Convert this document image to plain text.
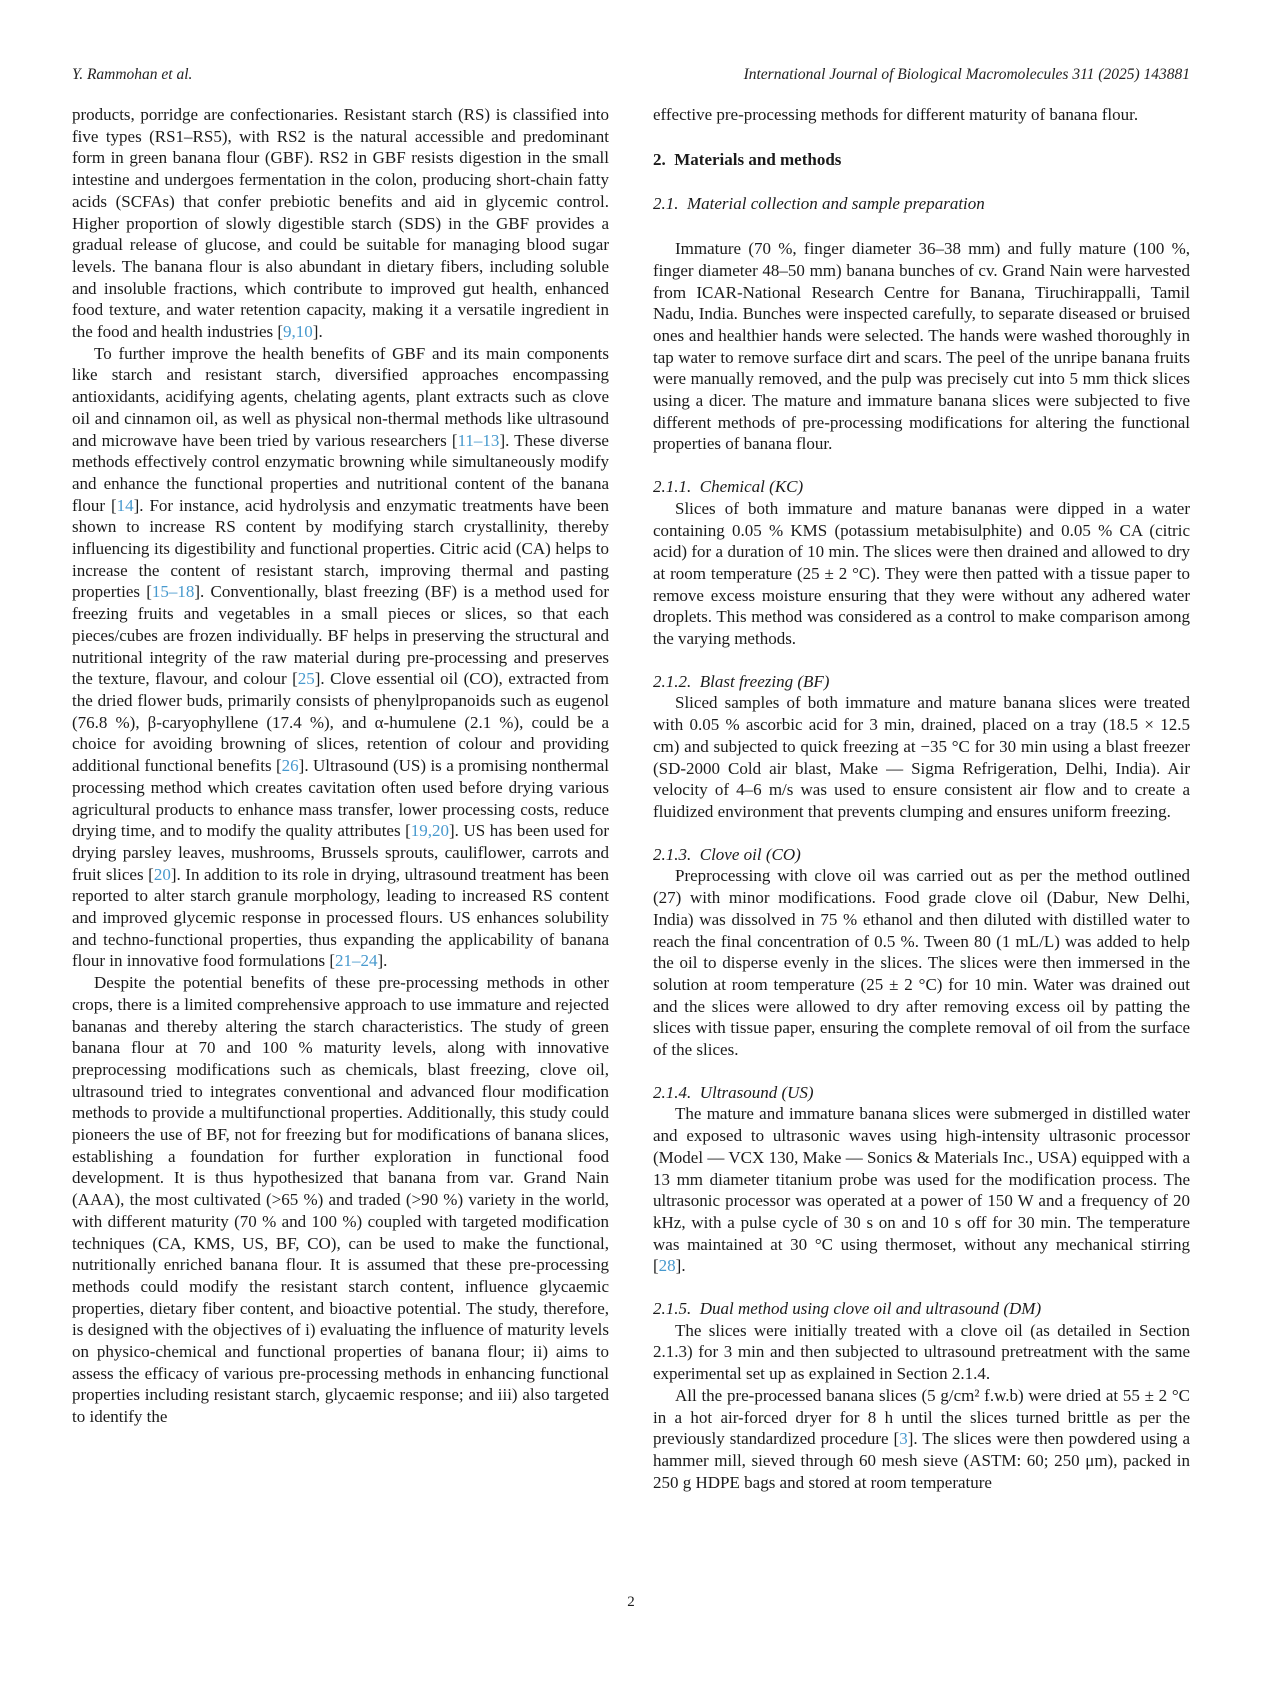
Y. Rammohan et al.	International Journal of Biological Macromolecules 311 (2025) 143881

products, porridge are confectionaries. Resistant starch (RS) is classified into five types (RS1–RS5), with RS2 is the natural accessible and predominant form in green banana flour (GBF). RS2 in GBF resists digestion in the small intestine and undergoes fermentation in the colon, producing short-chain fatty acids (SCFAs) that confer prebiotic benefits and aid in glycemic control. Higher proportion of slowly digestible starch (SDS) in the GBF provides a gradual release of glucose, and could be suitable for managing blood sugar levels. The banana flour is also abundant in dietary fibers, including soluble and insoluble fractions, which contribute to improved gut health, enhanced food texture, and water retention capacity, making it a versatile ingredient in the food and health industries [9,10].

To further improve the health benefits of GBF and its main components like starch and resistant starch, diversified approaches encompassing antioxidants, acidifying agents, chelating agents, plant extracts such as clove oil and cinnamon oil, as well as physical non-thermal methods like ultrasound and microwave have been tried by various researchers [11–13]. These diverse methods effectively control enzymatic browning while simultaneously modify and enhance the functional properties and nutritional content of the banana flour [14]. For instance, acid hydrolysis and enzymatic treatments have been shown to increase RS content by modifying starch crystallinity, thereby influencing its digestibility and functional properties. Citric acid (CA) helps to increase the content of resistant starch, improving thermal and pasting properties [15–18]. Conventionally, blast freezing (BF) is a method used for freezing fruits and vegetables in a small pieces or slices, so that each pieces/cubes are frozen individually. BF helps in preserving the structural and nutritional integrity of the raw material during pre-processing and preserves the texture, flavour, and colour [25]. Clove essential oil (CO), extracted from the dried flower buds, primarily consists of phenylpropanoids such as eugenol (76.8 %), β-caryophyllene (17.4 %), and α-humulene (2.1 %), could be a choice for avoiding browning of slices, retention of colour and providing additional functional benefits [26]. Ultrasound (US) is a promising nonthermal processing method which creates cavitation often used before drying various agricultural products to enhance mass transfer, lower processing costs, reduce drying time, and to modify the quality attributes [19,20]. US has been used for drying parsley leaves, mushrooms, Brussels sprouts, cauliflower, carrots and fruit slices [20]. In addition to its role in drying, ultrasound treatment has been reported to alter starch granule morphology, leading to increased RS content and improved glycemic response in processed flours. US enhances solubility and techno-functional properties, thus expanding the applicability of banana flour in innovative food formulations [21–24].

Despite the potential benefits of these pre-processing methods in other crops, there is a limited comprehensive approach to use immature and rejected bananas and thereby altering the starch characteristics. The study of green banana flour at 70 and 100 % maturity levels, along with innovative preprocessing modifications such as chemicals, blast freezing, clove oil, ultrasound tried to integrates conventional and advanced flour modification methods to provide a multifunctional properties. Additionally, this study could pioneers the use of BF, not for freezing but for modifications of banana slices, establishing a foundation for further exploration in functional food development. It is thus hypothesized that banana from var. Grand Nain (AAA), the most cultivated (>65 %) and traded (>90 %) variety in the world, with different maturity (70 % and 100 %) coupled with targeted modification techniques (CA, KMS, US, BF, CO), can be used to make the functional, nutritionally enriched banana flour. It is assumed that these pre-processing methods could modify the resistant starch content, influence glycaemic properties, dietary fiber content, and bioactive potential. The study, therefore, is designed with the objectives of i) evaluating the influence of maturity levels on physico-chemical and functional properties of banana flour; ii) aims to assess the efficacy of various pre-processing methods in enhancing functional properties including resistant starch, glycaemic response; and iii) also targeted to identify the

effective pre-processing methods for different maturity of banana flour.

2.  Materials and methods

2.1.  Material collection and sample preparation

Immature (70 %, finger diameter 36–38 mm) and fully mature (100 %, finger diameter 48–50 mm) banana bunches of cv. Grand Nain were harvested from ICAR-National Research Centre for Banana, Tiruchirappalli, Tamil Nadu, India. Bunches were inspected carefully, to separate diseased or bruised ones and healthier hands were selected. The hands were washed thoroughly in tap water to remove surface dirt and scars. The peel of the unripe banana fruits were manually removed, and the pulp was precisely cut into 5 mm thick slices using a dicer. The mature and immature banana slices were subjected to five different methods of pre-processing modifications for altering the functional properties of banana flour.

2.1.1.  Chemical (KC)

Slices of both immature and mature bananas were dipped in a water containing 0.05 % KMS (potassium metabisulphite) and 0.05 % CA (citric acid) for a duration of 10 min. The slices were then drained and allowed to dry at room temperature (25 ± 2 °C). They were then patted with a tissue paper to remove excess moisture ensuring that they were without any adhered water droplets. This method was considered as a control to make comparison among the varying methods.

2.1.2.  Blast freezing (BF)

Sliced samples of both immature and mature banana slices were treated with 0.05 % ascorbic acid for 3 min, drained, placed on a tray (18.5 × 12.5 cm) and subjected to quick freezing at −35 °C for 30 min using a blast freezer (SD-2000 Cold air blast, Make — Sigma Refrigeration, Delhi, India). Air velocity of 4–6 m/s was used to ensure consistent air flow and to create a fluidized environment that prevents clumping and ensures uniform freezing.

2.1.3.  Clove oil (CO)

Preprocessing with clove oil was carried out as per the method outlined (27) with minor modifications. Food grade clove oil (Dabur, New Delhi, India) was dissolved in 75 % ethanol and then diluted with distilled water to reach the final concentration of 0.5 %. Tween 80 (1 mL/L) was added to help the oil to disperse evenly in the slices. The slices were then immersed in the solution at room temperature (25 ± 2 °C) for 10 min. Water was drained out and the slices were allowed to dry after removing excess oil by patting the slices with tissue paper, ensuring the complete removal of oil from the surface of the slices.

2.1.4.  Ultrasound (US)

The mature and immature banana slices were submerged in distilled water and exposed to ultrasonic waves using high-intensity ultrasonic processor (Model — VCX 130, Make — Sonics & Materials Inc., USA) equipped with a 13 mm diameter titanium probe was used for the modification process. The ultrasonic processor was operated at a power of 150 W and a frequency of 20 kHz, with a pulse cycle of 30 s on and 10 s off for 30 min. The temperature was maintained at 30 °C using thermoset, without any mechanical stirring [28].

2.1.5.  Dual method using clove oil and ultrasound (DM)

The slices were initially treated with a clove oil (as detailed in Section 2.1.3) for 3 min and then subjected to ultrasound pretreatment with the same experimental set up as explained in Section 2.1.4.

All the pre-processed banana slices (5 g/cm² f.w.b) were dried at 55 ± 2 °C in a hot air-forced dryer for 8 h until the slices turned brittle as per the previously standardized procedure [3]. The slices were then powdered using a hammer mill, sieved through 60 mesh sieve (ASTM: 60; 250 μm), packed in 250 g HDPE bags and stored at room temperature

2
